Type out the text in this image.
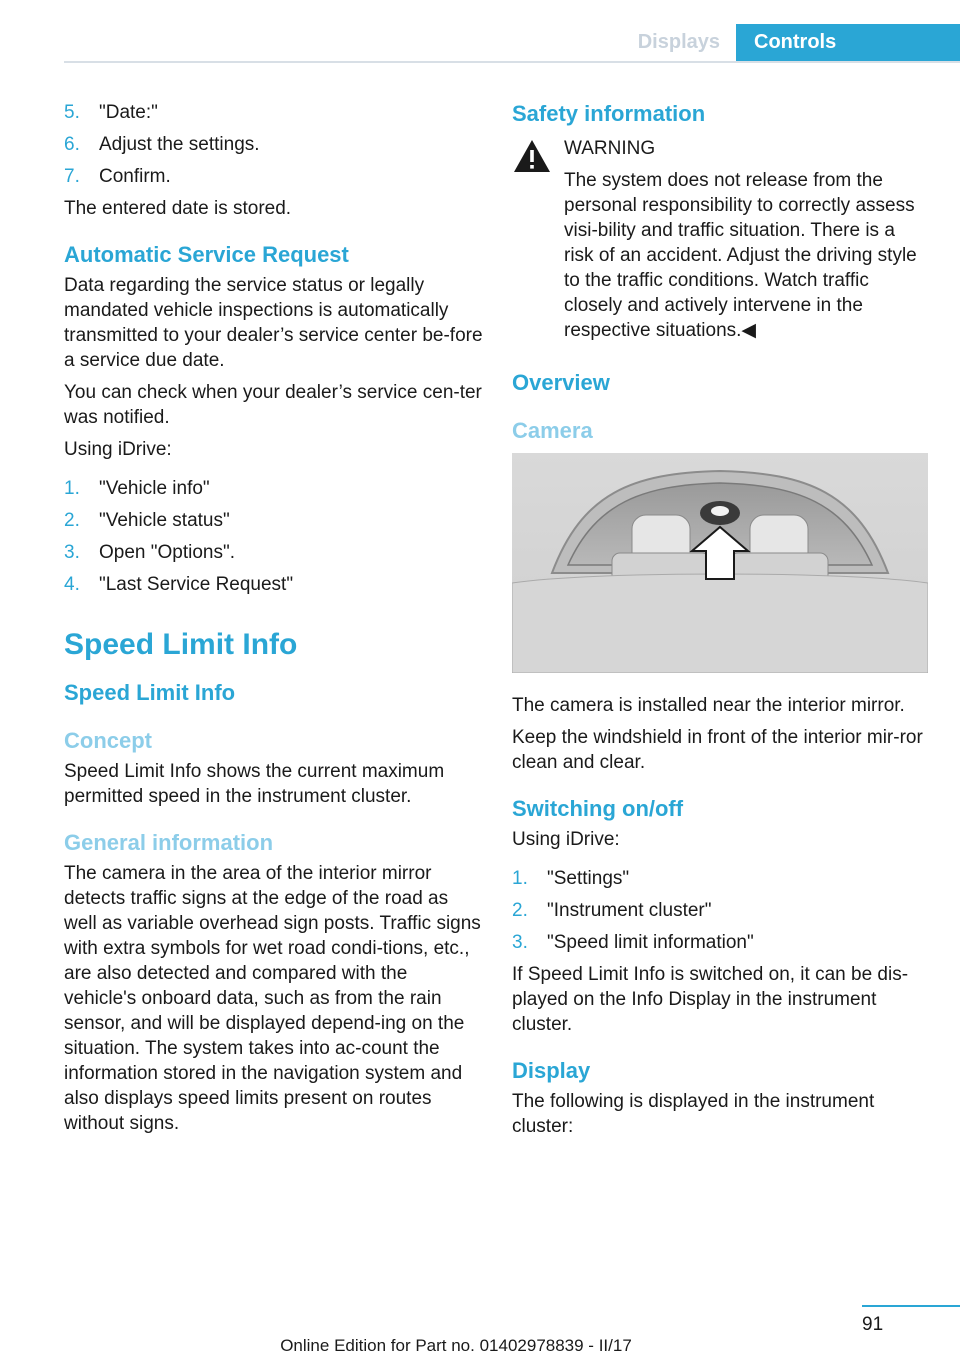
Displays	Controls
5.	"Date:"
6.	Adjust the settings.
7.	Confirm.

The entered date is stored.

Automatic Service Request

Data regarding the service status or legally mandated vehicle inspections is automatically transmitted to your dealer’s service center be-fore a service due date.

You can check when your dealer’s service cen-ter was notified.

Using iDrive:

1.	"Vehicle info"
2.	"Vehicle status"
3.	Open "Options".
4.	"Last Service Request"
Speed Limit Info
Speed Limit Info
Concept

Speed Limit Info shows the current maximum permitted speed in the instrument cluster.

General information

The camera in the area of the interior mirror detects traffic signs at the edge of the road as well as variable overhead sign posts. Traffic signs with extra symbols for wet road condi-tions, etc., are also detected and compared with the vehicle's onboard data, such as from the rain sensor, and will be displayed depend-ing on the situation. The system takes into ac-count the information stored in the navigation system and also displays speed limits present on routes without signs.

Safety information

WARNING

The system does not release from the personal responsibility to correctly assess visi-bility and traffic situation. There is a risk of an accident. Adjust the driving style to the traffic conditions. Watch traffic closely and actively intervene in the respective situations.◀

Overview
Camera

The camera is installed near the interior mirror.

Keep the windshield in front of the interior mir-ror clean and clear.

Switching on/off

Using iDrive:

1.	"Settings"
2.	"Instrument cluster"
3.	"Speed limit information"

If Speed Limit Info is switched on, it can be dis-played on the Info Display in the instrument cluster.

Display

The following is displayed in the instrument cluster:

91
Online Edition for Part no. 01402978839 - II/17
